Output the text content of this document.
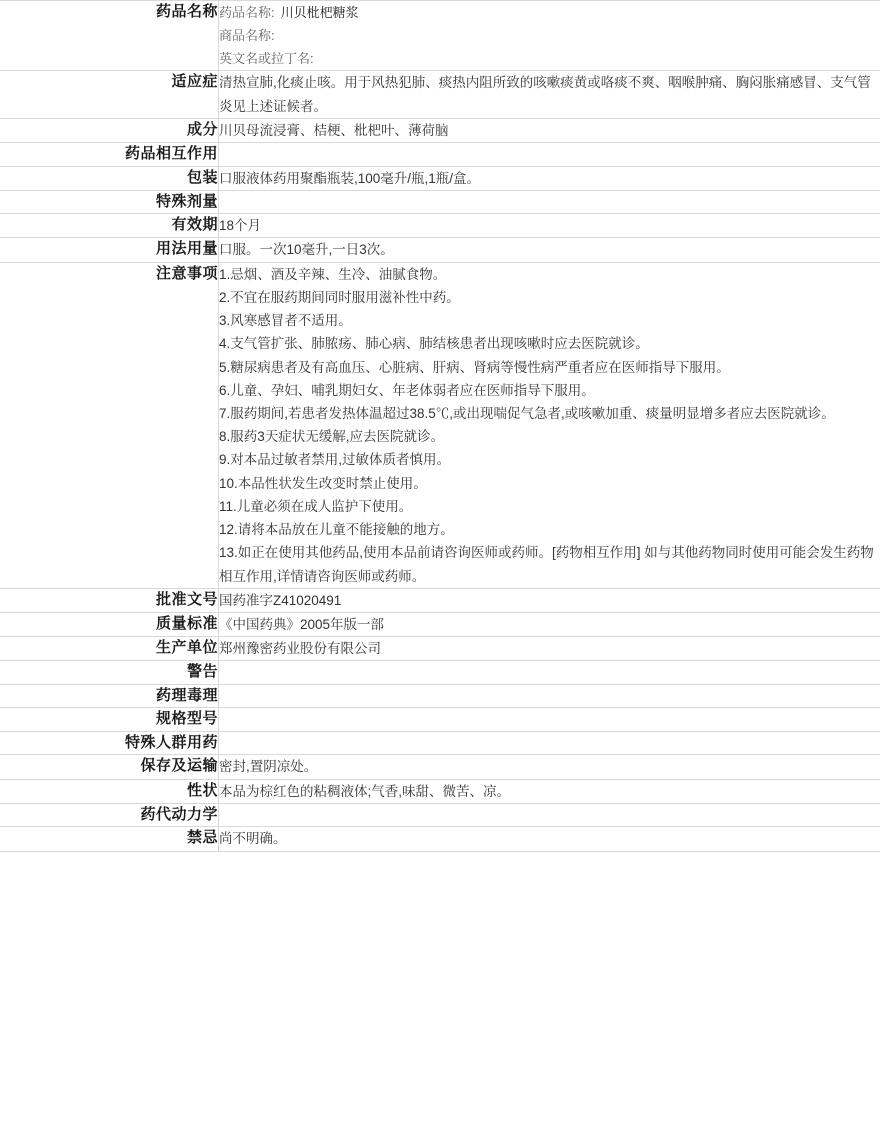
药品名称	药品名称: 川贝枇杷糖浆
商品名称:
英文名或拉丁名:

适应症	清热宣肺,化痰止咳。用于风热犯肺、痰热内阻所致的咳嗽痰黄或咯痰不爽、咽喉肿痛、胸闷胀痛感冒、支气管炎见上述证候者。

成分	川贝母流浸膏、桔梗、枇杷叶、薄荷脑

药品相互作用	

包装	口服液体药用聚酯瓶装,100毫升/瓶,1瓶/盒。

特殊剂量	

有效期	18个月

用法用量	口服。一次10毫升,一日3次。

注意事项	1.忌烟、酒及辛辣、生冷、油腻食物。
2.不宜在服药期间同时服用滋补性中药。
3.风寒感冒者不适用。
4.支气管扩张、肺脓疡、肺心病、肺结核患者出现咳嗽时应去医院就诊。
5.糖尿病患者及有高血压、心脏病、肝病、肾病等慢性病严重者应在医师指导下服用。
6.儿童、孕妇、哺乳期妇女、年老体弱者应在医师指导下服用。
7.服药期间,若患者发热体温超过38.5℃,或出现喘促气急者,或咳嗽加重、痰量明显增多者应去医院就诊。
8.服药3天症状无缓解,应去医院就诊。
9.对本品过敏者禁用,过敏体质者慎用。
10.本品性状发生改变时禁止使用。
11.儿童必须在成人监护下使用。
12.请将本品放在儿童不能接触的地方。
13.如正在使用其他药品,使用本品前请咨询医师或药师。[药物相互作用] 如与其他药物同时使用可能会发生药物相互作用,详情请咨询医师或药师。

批准文号	国药准字Z41020491

质量标准	《中国药典》2005年版一部

生产单位	郑州豫密药业股份有限公司

警告	

药理毒理	

规格型号	

特殊人群用药	

保存及运输	密封,置阴凉处。

性状	本品为棕红色的粘稠液体;气香,味甜、微苦、凉。

药代动力学	

禁忌	尚不明确。
